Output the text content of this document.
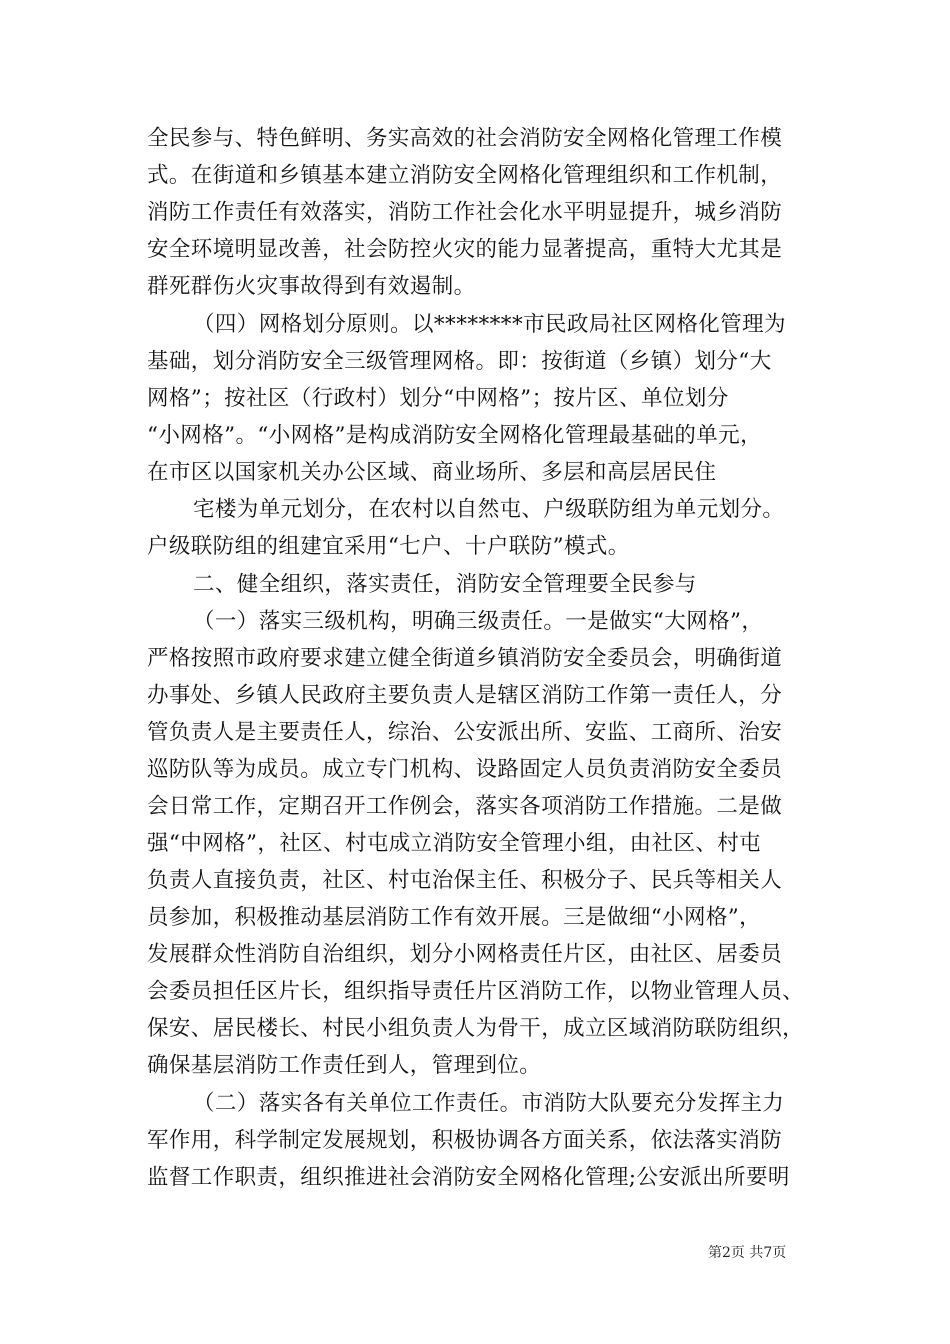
全民参与、特色鲜明、务实高效的社会消防安全网格化管理工作模
式。在街道和乡镇基本建立消防安全网格化管理组织和工作机制，
消防工作责任有效落实，消防工作社会化水平明显提升，城乡消防
安全环境明显改善，社会防控火灾的能力显著提高，重特大尤其是
群死群伤火灾事故得到有效遏制。
（四）网格划分原则。以********市民政局社区网格化管理为
基础，划分消防安全三级管理网格。即：按街道（乡镇）划分“大
网格”；按社区（行政村）划分“中网格”；按片区、单位划分
“小网格”。“小网格”是构成消防安全网格化管理最基础的单元，
在市区以国家机关办公区域、商业场所、多层和高层居民住
宅楼为单元划分，在农村以自然屯、户级联防组为单元划分。
户级联防组的组建宜采用“七户、十户联防”模式。
二、健全组织，落实责任，消防安全管理要全民参与
（一）落实三级机构，明确三级责任。一是做实“大网格”，
严格按照市政府要求建立健全街道乡镇消防安全委员会，明确街道
办事处、乡镇人民政府主要负责人是辖区消防工作第一责任人，分
管负责人是主要责任人，综治、公安派出所、安监、工商所、治安
巡防队等为成员。成立专门机构、设路固定人员负责消防安全委员
会日常工作，定期召开工作例会，落实各项消防工作措施。二是做
强“中网格”，社区、村屯成立消防安全管理小组，由社区、村屯
负责人直接负责，社区、村屯治保主任、积极分子、民兵等相关人
员参加，积极推动基层消防工作有效开展。三是做细“小网格”，
发展群众性消防自治组织，划分小网格责任片区，由社区、居委员
会委员担任区片长，组织指导责任片区消防工作，以物业管理人员、
保安、居民楼长、村民小组负责人为骨干，成立区域消防联防组织，
确保基层消防工作责任到人，管理到位。
（二）落实各有关单位工作责任。市消防大队要充分发挥主力
军作用，科学制定发展规划，积极协调各方面关系，依法落实消防
监督工作职责，组织推进社会消防安全网格化管理;公安派出所要明
第2页 共7页
